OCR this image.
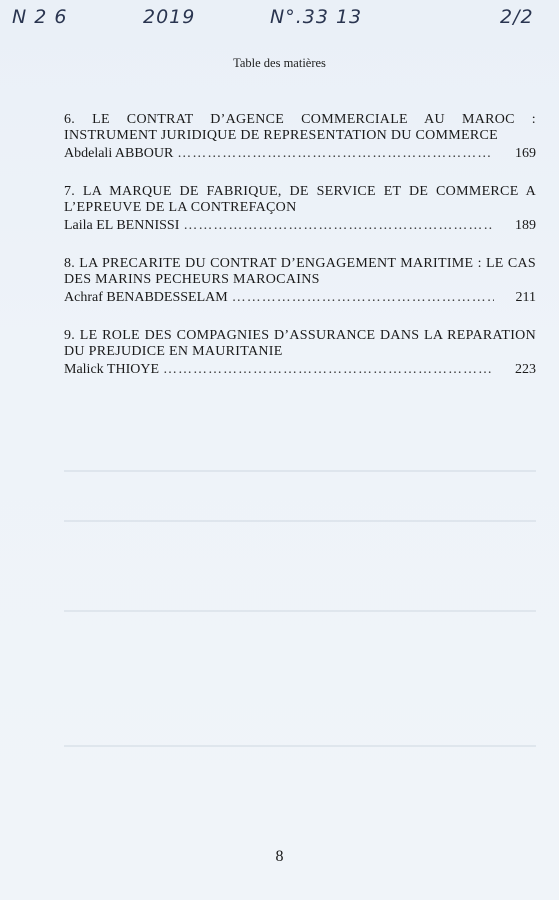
N 2 6	2019	N°.33 13	2/2
Table des matières
6. LE CONTRAT D’AGENCE COMMERCIALE AU MAROC : INSTRUMENT JURIDIQUE DE REPRESENTATION DU COMMERCE
Abdelali ABBOUR …………………………………………………………………………………………………………………………………………	169
7. LA MARQUE DE FABRIQUE, DE SERVICE ET DE COMMERCE A L’EPREUVE DE LA CONTREFAÇON
Laila EL BENNISSI …………………………………………………………………………………………………………………………………………	189
8. LA PRECARITE DU CONTRAT D’ENGAGEMENT MARITIME : LE CAS DES MARINS PECHEURS MAROCAINS
Achraf BENABDESSELAM …………………………………………………………………………………………………………………………………………	211
9. LE ROLE DES COMPAGNIES D’ASSURANCE DANS LA REPARATION DU PREJUDICE EN MAURITANIE
Malick THIOYE …………………………………………………………………………………………………………………………………………	223
8
